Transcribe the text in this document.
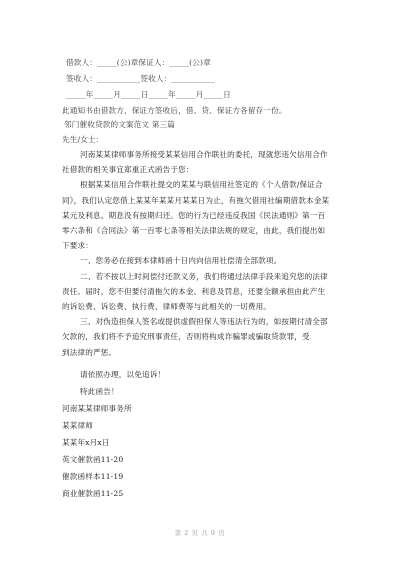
借款人：_____(公)章保证人：_____(公)章
签收人：___________签收人：___________
_____年_____月_____日_____年_____月_____日
此通知书由借款方，保证方签收后，借、贷、保证方各留存一份。
邻门催收贷款的文案范文 第三篇
先生/女士：
河南某某律师事务所接受某某信用合作联社的委托，现就您违欠信用合作
社借款的相关事宜郑重正式函告于您：
根据某某信用合作联社提交的某某与联信用社签定的《个人借款/保证合
同》，我们认定您借上某某年某某月某某日为止，有拖欠借用社编期借款本金某
某元及利息。期息没有按期归还。您的行为已经违反我国《民法通则》第一百
零六条和《合同法》第一百零七条等相关法律法规的规定，由此，我们提出如
下要求：
一、您务必在接到本律师函十日内向信用社偿清全部款项。
二、若不按以上时间偿付还款义务，我们将通过法律手段来追究您的法律
责任。届时，您不但要付清拖欠的本金、利息及罚息，还要全额承担由此产生
的诉讼费、诉讼费、执行费、律师费等与此相关的一切费用。
三、对伪造担保人签名或提供虚假担保人等违法行为的，如按期付清全部
欠款的，我们将不予追究刑事责任，否则将构成诈骗罪或骗取贷款罪，受
到法律的严惩。
请依照办理，以免追诉！
特此函告！
河南某某律师事务所
某某律师
某某年x月x日
英文催款函11-20
催款函样本11-19
商业催款函11-25
第 2 页 共 9 页
